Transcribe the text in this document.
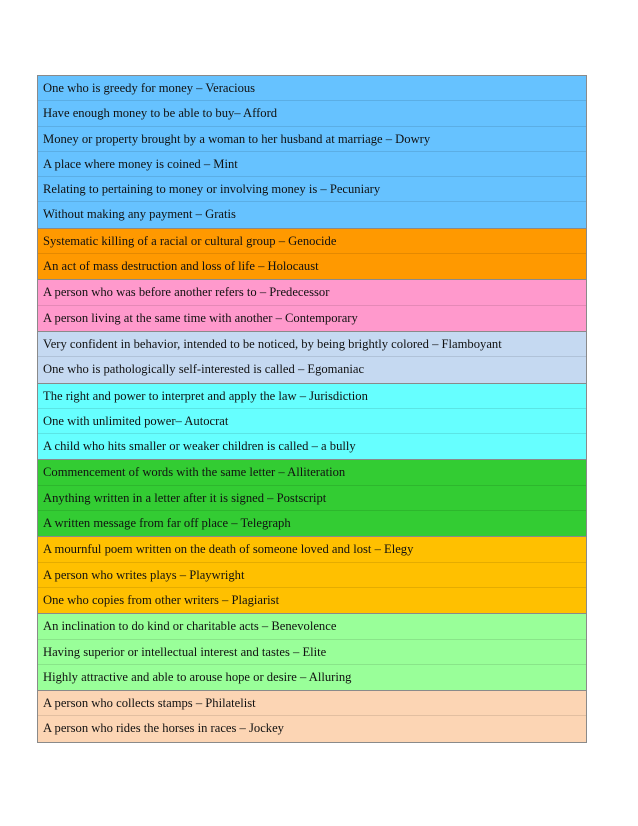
One who is greedy for money – Veracious
Have enough money to be able to buy– Afford
Money or property brought by a woman to her husband at marriage – Dowry
A place where money is coined – Mint
Relating to pertaining to money or involving money is – Pecuniary
Without making any payment – Gratis
Systematic killing of a racial or cultural group – Genocide
An act of mass destruction and loss of life – Holocaust
A person who was before another refers to – Predecessor
A person living at the same time with another – Contemporary
Very confident in behavior, intended to be noticed, by being brightly colored – Flamboyant
One who is pathologically self-interested is called – Egomaniac
The right and power to interpret and apply the law – Jurisdiction
One with unlimited power– Autocrat
A child who hits smaller or weaker children is called – a bully
Commencement of words with the same letter – Alliteration
Anything written in a letter after it is signed – Postscript
A written message from far off place – Telegraph
A mournful poem written on the death of someone loved and lost – Elegy
A person who writes plays – Playwright
One who copies from other writers – Plagiarist
An inclination to do kind or charitable acts – Benevolence
Having superior or intellectual interest and tastes – Elite
Highly attractive and able to arouse hope or desire – Alluring
A person who collects stamps – Philatelist
A person who rides the horses in races – Jockey
